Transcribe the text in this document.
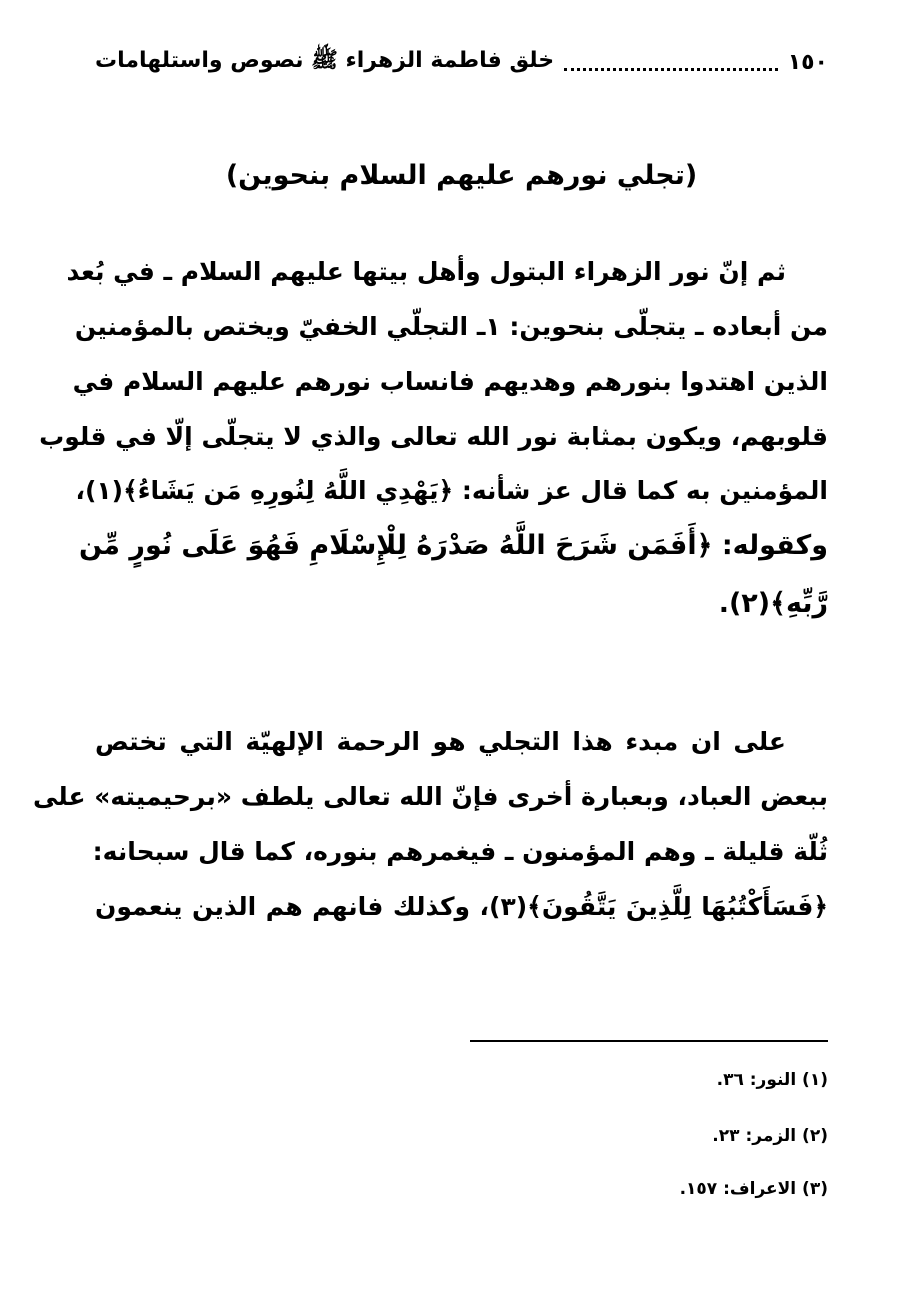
١٥٠
خلق فاطمة الزهراء ﷺ نصوص واستلهامات
(تجلي نورهم عليهم السلام بنحوين)
ثم إنّ نور الزهراء البتول وأهل بيتها عليهم السلام ـ في بُعد
من أبعاده ـ يتجلّى بنحوين: ١ـ التجلّي الخفيّ ويختص بالمؤمنين
الذين اهتدوا بنورهم وهديهم فانساب نورهم عليهم السلام في
قلوبهم، ويكون بمثابة نور الله تعالى والذي لا يتجلّى إلّا في قلوب
المؤمنين به كما قال عز شأنه: ﴿يَهْدِي اللَّهُ لِنُورِهِ مَن يَشَاءُ﴾(١)،
وكقوله: ﴿أَفَمَن شَرَحَ اللَّهُ صَدْرَهُ لِلْإِسْلَامِ فَهُوَ عَلَى نُورٍ مِّن
رَّبِّهِ﴾(٢).
على ان مبدء هذا التجلي هو الرحمة الإلهيّة التي تختص
ببعض العباد، وبعبارة أخرى فإنّ الله تعالى يلطف «برحيميته» على
ثُلّة قليلة ـ وهم المؤمنون ـ فيغمرهم بنوره، كما قال سبحانه:
﴿فَسَأَكْتُبُهَا لِلَّذِينَ يَتَّقُونَ﴾(٣)، وكذلك فانهم هم الذين ينعمون
(١) النور: ٣٦.
(٢) الزمر: ٢٣.
(٣) الاعراف: ١٥٧.
